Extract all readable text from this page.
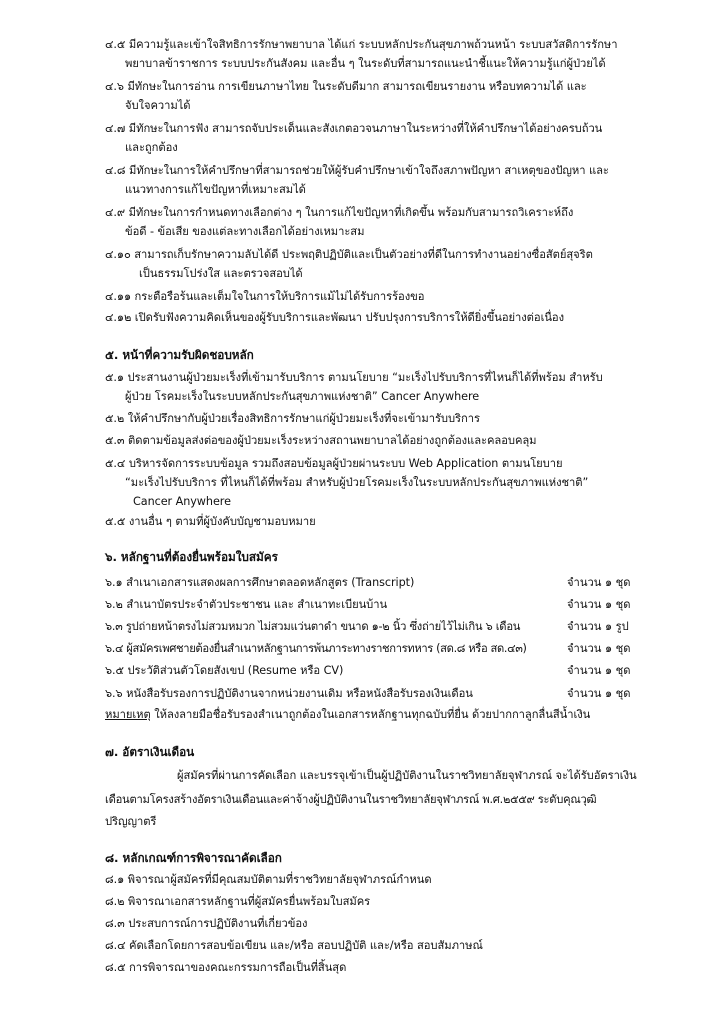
๔.๕ มีความรู้และเข้าใจสิทธิการรักษาพยาบาล ได้แก่ ระบบหลักประกันสุขภาพถ้วนหน้า ระบบสวัสดิการรักษา
พยาบาลข้าราชการ ระบบประกันสังคม และอื่น ๆ ในระดับที่สามารถแนะนำชี้แนะให้ความรู้แก่ผู้ป่วยได้
๔.๖ มีทักษะในการอ่าน การเขียนภาษาไทย ในระดับดีมาก สามารถเขียนรายงาน หรือบทความได้ และ
จับใจความได้
๔.๗ มีทักษะในการฟัง สามารถจับประเด็นและสังเกตอวจนภาษาในระหว่างที่ให้คำปรึกษาได้อย่างครบถ้วน
และถูกต้อง
๔.๘ มีทักษะในการให้คำปรึกษาที่สามารถช่วยให้ผู้รับคำปรึกษาเข้าใจถึงสภาพปัญหา สาเหตุของปัญหา และ
แนวทางการแก้ไขปัญหาที่เหมาะสมได้
๔.๙ มีทักษะในการกำหนดทางเลือกต่าง ๆ ในการแก้ไขปัญหาที่เกิดขึ้น พร้อมกับสามารถวิเคราะห์ถึง
ข้อดี - ข้อเสีย ของแต่ละทางเลือกได้อย่างเหมาะสม
๔.๑๐ สามารถเก็บรักษาความลับได้ดี ประพฤติปฏิบัติและเป็นตัวอย่างที่ดีในการทำงานอย่างซื่อสัตย์สุจริต
เป็นธรรมโปร่งใส และตรวจสอบได้
๔.๑๑ กระตือรือร้นและเต็มใจในการให้บริการแม้ไม่ได้รับการร้องขอ
๔.๑๒ เปิดรับฟังความคิดเห็นของผู้รับบริการและพัฒนา ปรับปรุงการบริการให้ดียิ่งขึ้นอย่างต่อเนื่อง
๕. หน้าที่ความรับผิดชอบหลัก
๕.๑ ประสานงานผู้ป่วยมะเร็งที่เข้ามารับบริการ ตามนโยบาย “มะเร็งไปรับบริการที่ไหนก็ได้ที่พร้อม สำหรับ
ผู้ป่วย โรคมะเร็งในระบบหลักประกันสุขภาพแห่งชาติ” Cancer Anywhere
๕.๒ ให้คำปรึกษากับผู้ป่วยเรื่องสิทธิการรักษาแก่ผู้ป่วยมะเร็งที่จะเข้ามารับบริการ
๕.๓ ติดตามข้อมูลส่งต่อของผู้ป่วยมะเร็งระหว่างสถานพยาบาลได้อย่างถูกต้องและคลอบคลุม
๕.๔ บริหารจัดการระบบข้อมูล รวมถึงสอบข้อมูลผู้ป่วยผ่านระบบ Web Application ตามนโยบาย
“มะเร็งไปรับบริการ ที่ไหนก็ได้ที่พร้อม สำหรับผู้ป่วยโรคมะเร็งในระบบหลักประกันสุขภาพแห่งชาติ”
Cancer Anywhere
๕.๕ งานอื่น ๆ ตามที่ผู้บังคับบัญชามอบหมาย
๖. หลักฐานที่ต้องยื่นพร้อมใบสมัคร
๖.๑ สำเนาเอกสารแสดงผลการศึกษาตลอดหลักสูตร (Transcript)	จำนวน ๑ ชุด
๖.๒ สำเนาบัตรประจำตัวประชาชน และ สำเนาทะเบียนบ้าน	จำนวน ๑ ชุด
๖.๓ รูปถ่ายหน้าตรงไม่สวมหมวก ไม่สวมแว่นตาดำ ขนาด ๑-๒ นิ้ว ซึ่งถ่ายไว้ไม่เกิน ๖ เดือน	จำนวน ๑ รูป
๖.๔ ผู้สมัครเพศชายต้องยื่นสำเนาหลักฐานการพ้นภาระทางราชการทหาร (สด.๘ หรือ สด.๔๓)	จำนวน ๑ ชุด
๖.๕ ประวัติส่วนตัวโดยสังเขป (Resume หรือ CV)	จำนวน ๑ ชุด
๖.๖ หนังสือรับรองการปฏิบัติงานจากหน่วยงานเดิม หรือหนังสือรับรองเงินเดือน	จำนวน ๑ ชุด
หมายเหตุ ให้ลงลายมือชื่อรับรองสำเนาถูกต้องในเอกสารหลักฐานทุกฉบับที่ยื่น ด้วยปากกาลูกลื่นสีน้ำเงิน
๗. อัตราเงินเดือน
ผู้สมัครที่ผ่านการคัดเลือก และบรรจุเข้าเป็นผู้ปฏิบัติงานในราชวิทยาลัยจุฬาภรณ์ จะได้รับอัตราเงิน
เดือนตามโครงสร้างอัตราเงินเดือนและค่าจ้างผู้ปฏิบัติงานในราชวิทยาลัยจุฬาภรณ์ พ.ศ.๒๕๕๙ ระดับคุณวุฒิ
ปริญญาตรี
๘. หลักเกณฑ์การพิจารณาคัดเลือก
๘.๑ พิจารณาผู้สมัครที่มีคุณสมบัติตามที่ราชวิทยาลัยจุฬาภรณ์กำหนด
๘.๒ พิจารณาเอกสารหลักฐานที่ผู้สมัครยื่นพร้อมใบสมัคร
๘.๓ ประสบการณ์การปฏิบัติงานที่เกี่ยวข้อง
๘.๔ คัดเลือกโดยการสอบข้อเขียน และ/หรือ สอบปฏิบัติ และ/หรือ สอบสัมภาษณ์
๘.๕ การพิจารณาของคณะกรรมการถือเป็นที่สิ้นสุด
